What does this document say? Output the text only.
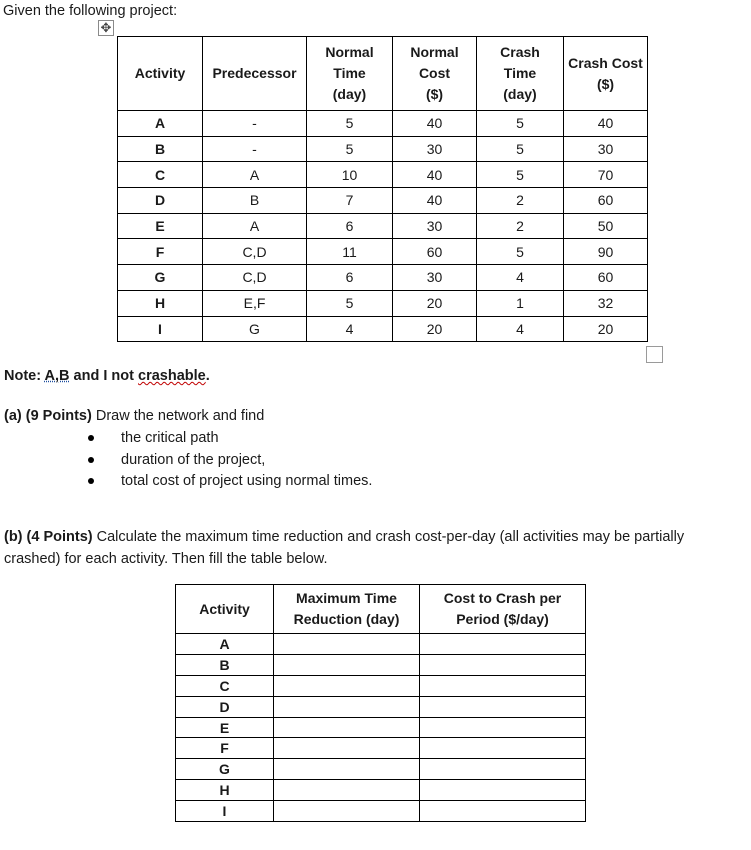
Given the following project:
✥
Activity	Predecessor	Normal
Time
(day)	Normal
Cost
($)	Crash
Time
(day)	Crash Cost
($)
A	-	5	40	5	40
B	-	5	30	5	30
C	A	10	40	5	70
D	B	7	40	2	60
E	A	6	30	2	50
F	C,D	11	60	5	90
G	C,D	6	30	4	60
H	E,F	5	20	1	32
I	G	4	20	4	20
Note: A,B and I not crashable.
(a) (9 Points) Draw the network and find
the critical path
duration of the project,
total cost of project using normal times.
(b) (4 Points) Calculate the maximum time reduction and crash cost-per-day (all activities may be partially crashed) for each activity. Then fill the table below.
Activity	Maximum Time
Reduction (day)	Cost to Crash per
Period ($/day)
A		
B		
C		
D		
E		
F		
G		
H		
I		
